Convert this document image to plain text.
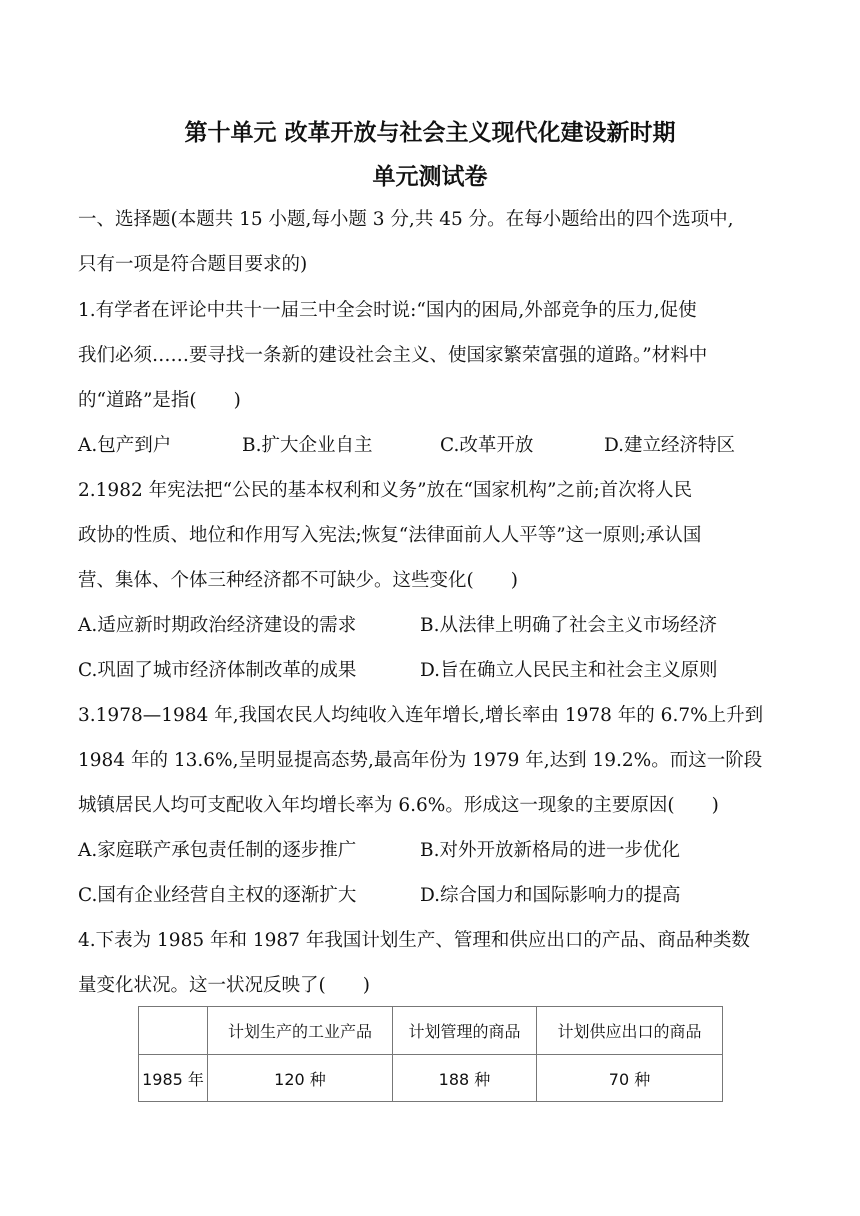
第十单元 改革开放与社会主义现代化建设新时期
单元测试卷
一、选择题(本题共 15 小题,每小题 3 分,共 45 分。在每小题给出的四个选项中,
只有一项是符合题目要求的)
1.有学者在评论中共十一届三中全会时说:“国内的困局,外部竞争的压力,促使
我们必须……要寻找一条新的建设社会主义、使国家繁荣富强的道路。”材料中
的“道路”是指(　　)
A.包产到户	B.扩大企业自主	C.改革开放	D.建立经济特区
2.1982 年宪法把“公民的基本权利和义务”放在“国家机构”之前;首次将人民
政协的性质、地位和作用写入宪法;恢复“法律面前人人平等”这一原则;承认国
营、集体、个体三种经济都不可缺少。这些变化(　　)
A.适应新时期政治经济建设的需求	B.从法律上明确了社会主义市场经济
C.巩固了城市经济体制改革的成果	D.旨在确立人民民主和社会主义原则
3.1978—1984 年,我国农民人均纯收入连年增长,增长率由 1978 年的 6.7%上升到
1984 年的 13.6%,呈明显提高态势,最高年份为 1979 年,达到 19.2%。而这一阶段
城镇居民人均可支配收入年均增长率为 6.6%。形成这一现象的主要原因(　　)
A.家庭联产承包责任制的逐步推广	B.对外开放新格局的进一步优化
C.国有企业经营自主权的逐渐扩大	D.综合国力和国际影响力的提高
4.下表为 1985 年和 1987 年我国计划生产、管理和供应出口的产品、商品种类数
量变化状况。这一状况反映了(　　)
	计划生产的工业产品	计划管理的商品	计划供应出口的商品
1985 年	120 种	188 种	70 种
